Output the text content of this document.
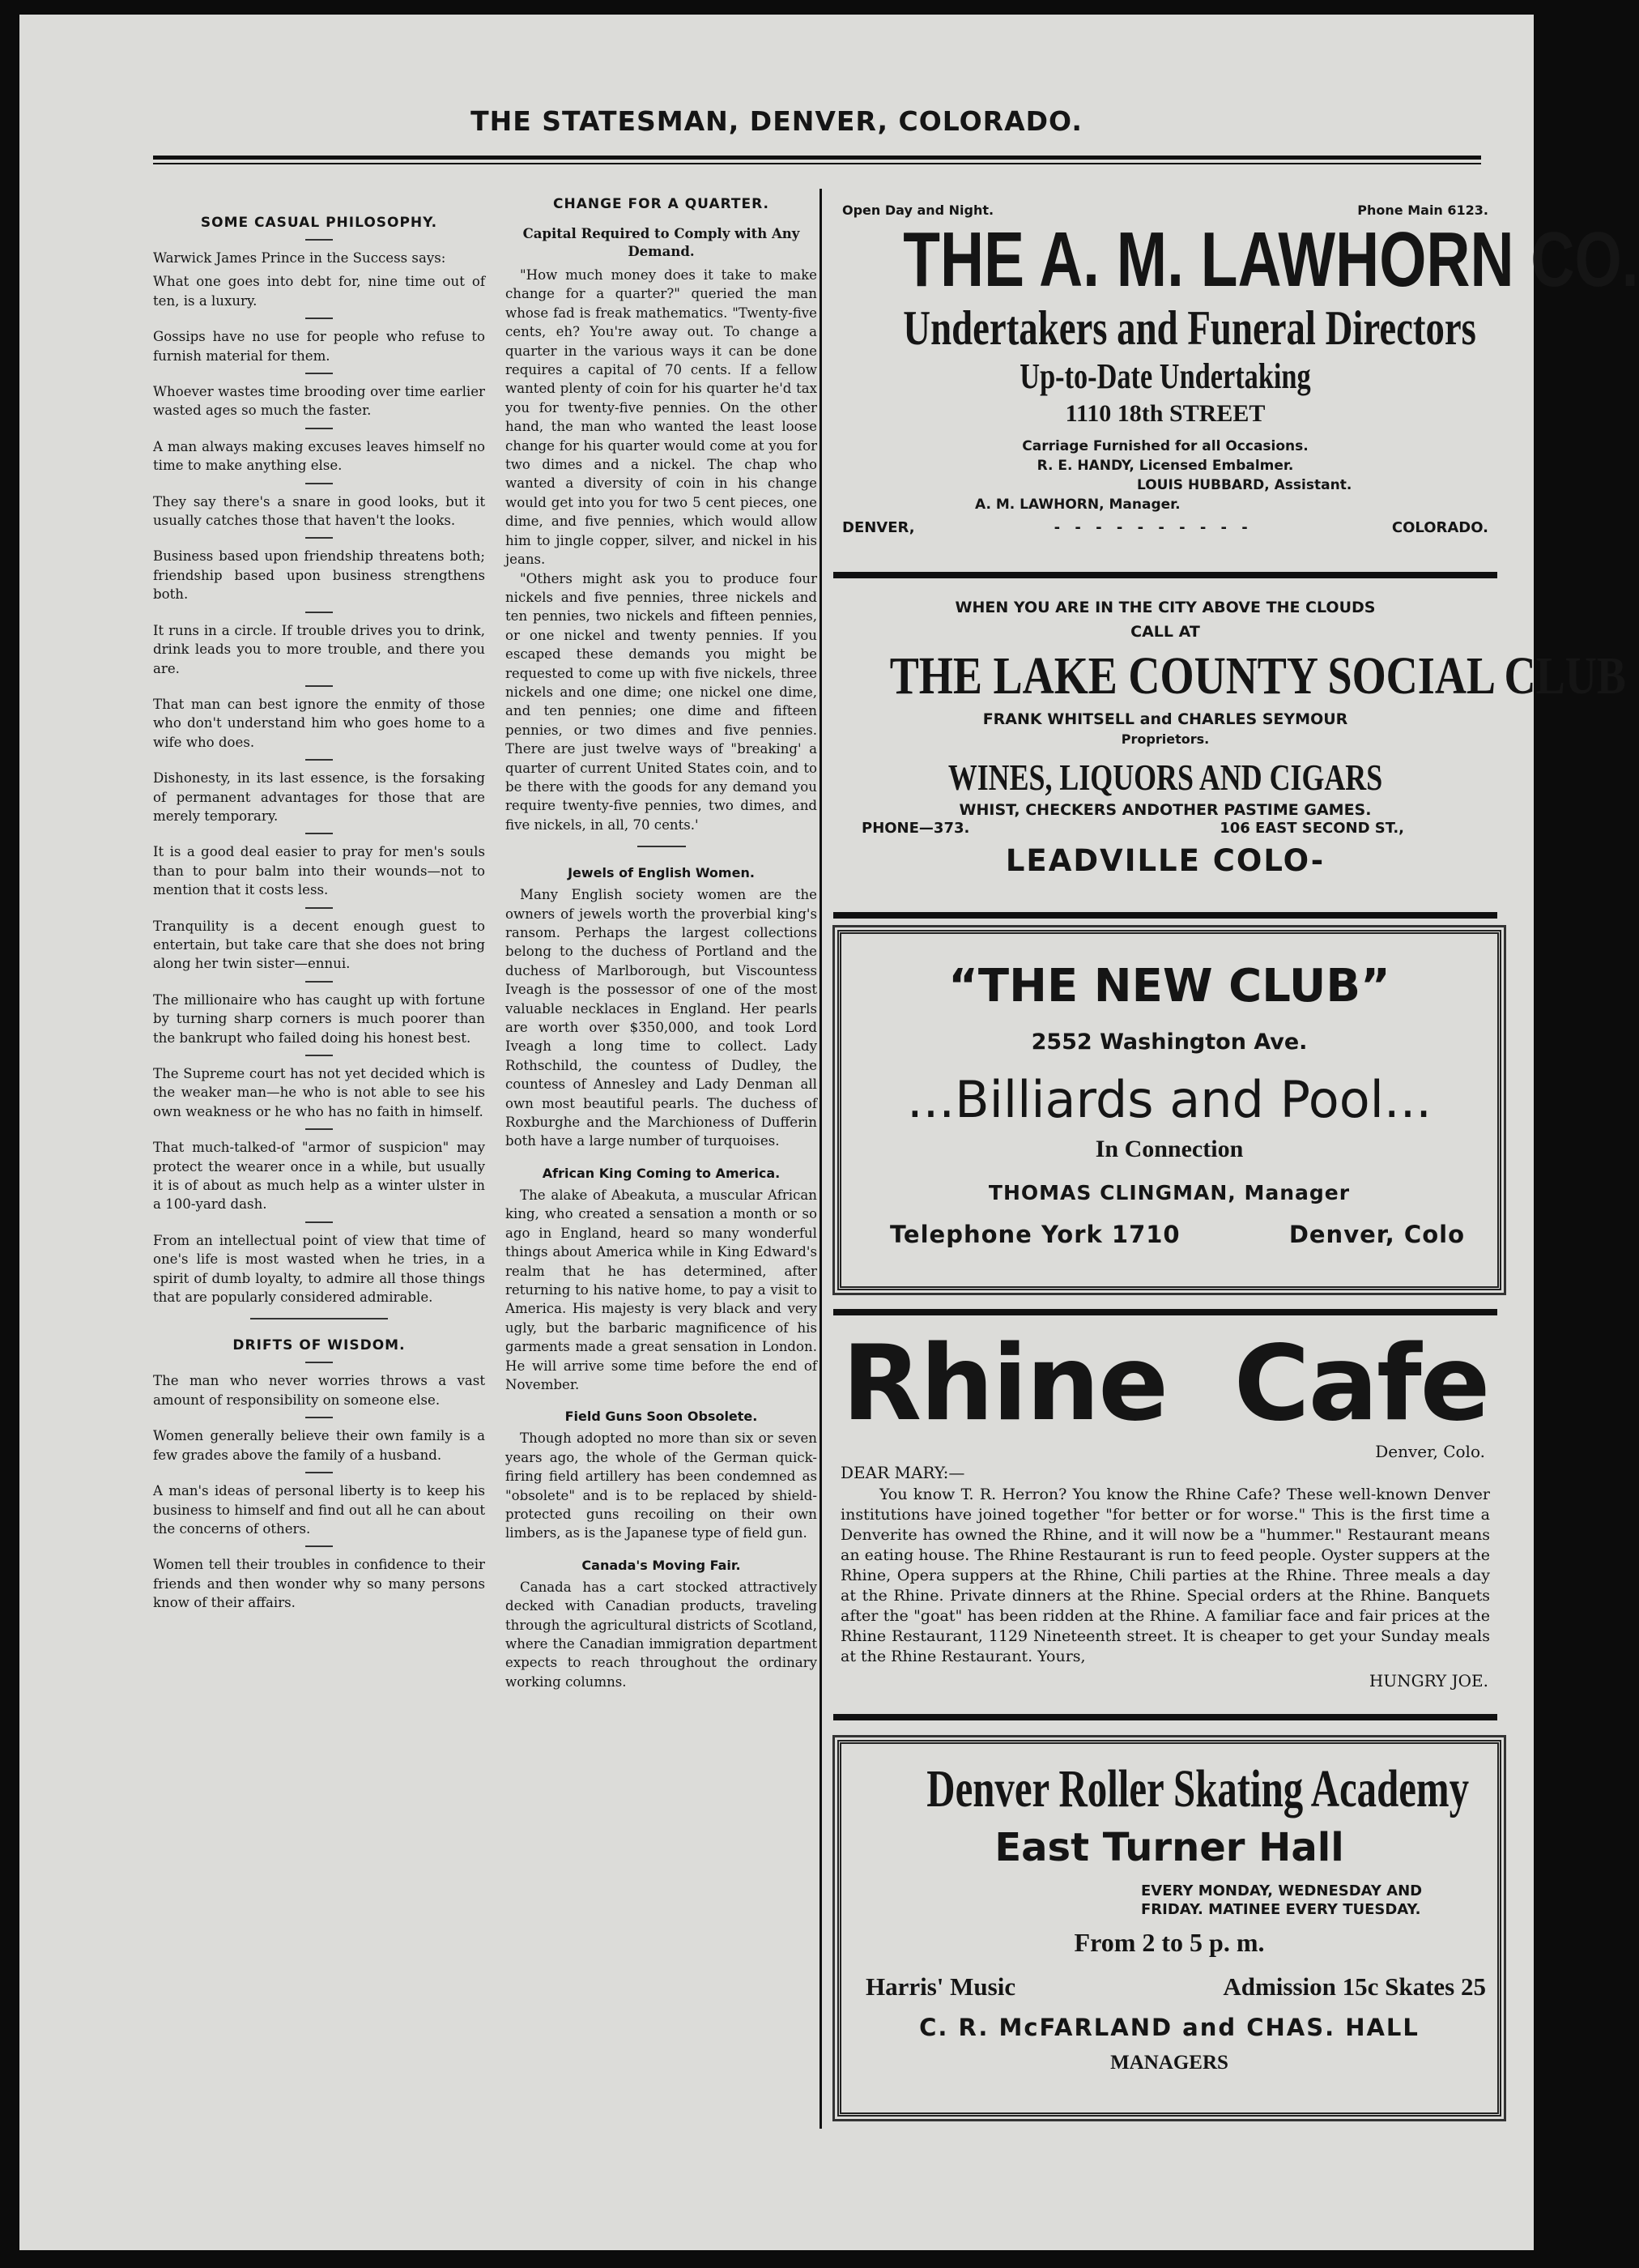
THE STATESMAN, DENVER, COLORADO.
SOME CASUAL PHILOSOPHY.

Warwick James Prince in the Success says:

What one goes into debt for, nine time out of ten, is a luxury.

Gossips have no use for people who refuse to furnish material for them.

Whoever wastes time brooding over time earlier wasted ages so much the faster.

A man always making excuses leaves himself no time to make anything else.

They say there's a snare in good looks, but it usually catches those that haven't the looks.

Business based upon friendship threatens both; friendship based upon business strengthens both.

It runs in a circle. If trouble drives you to drink, drink leads you to more trouble, and there you are.

That man can best ignore the enmity of those who don't understand him who goes home to a wife who does.

Dishonesty, in its last essence, is the forsaking of permanent advantages for those that are merely temporary.

It is a good deal easier to pray for men's souls than to pour balm into their wounds—not to mention that it costs less.

Tranquility is a decent enough guest to entertain, but take care that she does not bring along her twin sister—ennui.

The millionaire who has caught up with fortune by turning sharp corners is much poorer than the bankrupt who failed doing his honest best.

The Supreme court has not yet decided which is the weaker man—he who is not able to see his own weakness or he who has no faith in himself.

That much-talked-of "armor of suspicion" may protect the wearer once in a while, but usually it is of about as much help as a winter ulster in a 100-yard dash.

From an intellectual point of view that time of one's life is most wasted when he tries, in a spirit of dumb loyalty, to admire all those things that are popularly considered admirable.

DRIFTS OF WISDOM.

The man who never worries throws a vast amount of responsibility on someone else.

Women generally believe their own family is a few grades above the family of a husband.

A man's ideas of personal liberty is to keep his business to himself and find out all he can about the concerns of others.

Women tell their troubles in confidence to their friends and then wonder why so many persons know of their affairs.

CHANGE FOR A QUARTER.
Capital Required to Comply with Any Demand.

"How much money does it take to make change for a quarter?" queried the man whose fad is freak mathematics. "Twenty-five cents, eh? You're away out. To change a quarter in the various ways it can be done requires a capital of 70 cents. If a fellow wanted plenty of coin for his quarter he'd tax you for twenty-five pennies. On the other hand, the man who wanted the least loose change for his quarter would come at you for two dimes and a nickel. The chap who wanted a diversity of coin in his change would get into you for two 5 cent pieces, one dime, and five pennies, which would allow him to jingle copper, silver, and nickel in his jeans.

"Others might ask you to produce four nickels and five pennies, three nickels and ten pennies, two nickels and fifteen pennies, or one nickel and twenty pennies. If you escaped these demands you might be requested to come up with five nickels, three nickels and one dime; one nickel one dime, and ten pennies; one dime and fifteen pennies, or two dimes and five pennies. There are just twelve ways of "breaking' a quarter of current United States coin, and to be there with the goods for any demand you require twenty-five pennies, two dimes, and five nickels, in all, 70 cents.'

Jewels of English Women.

Many English society women are the owners of jewels worth the proverbial king's ransom. Perhaps the largest collections belong to the duchess of Portland and the duchess of Marlborough, but Viscountess Iveagh is the possessor of one of the most valuable necklaces in England. Her pearls are worth over $350,000, and took Lord Iveagh a long time to collect. Lady Rothschild, the countess of Dudley, the countess of Annesley and Lady Denman all own most beautiful pearls. The duchess of Roxburghe and the Marchioness of Dufferin both have a large number of turquoises.

African King Coming to America.

The alake of Abeakuta, a muscular African king, who created a sensation a month or so ago in England, heard so many wonderful things about America while in King Edward's realm that he has determined, after returning to his native home, to pay a visit to America. His majesty is very black and very ugly, but the barbaric magnificence of his garments made a great sensation in London. He will arrive some time before the end of November.

Field Guns Soon Obsolete.

Though adopted no more than six or seven years ago, the whole of the German quick-firing field artillery has been condemned as "obsolete" and is to be replaced by shield-protected guns recoiling on their own limbers, as is the Japanese type of field gun.

Canada's Moving Fair.

Canada has a cart stocked attractively decked with Canadian products, traveling through the agricultural districts of Scotland, where the Canadian immigration department expects to reach throughout the ordinary working columns.

Open Day and Night.	Phone Main 6123.
THE A. M. LAWHORN CO.
Undertakers and Funeral Directors
Up-to-Date Undertaking
1110 18th STREET
Carriage Furnished for all Occasions.
R. E. HANDY, Licensed Embalmer.
LOUIS HUBBARD, Assistant.
A. M. LAWHORN, Manager.
DENVER,	- - - - - - - - - -	COLORADO.
WHEN YOU ARE IN THE CITY ABOVE THE CLOUDS
CALL AT
THE LAKE COUNTY SOCIAL CLUB
FRANK WHITSELL and CHARLES SEYMOUR
Proprietors.
WINES, LIQUORS AND CIGARS
WHIST, CHECKERS ANDOTHER PASTIME GAMES.
PHONE—373.	106 EAST SECOND ST.,
LEADVILLE COLO-
“THE NEW CLUB”
2552 Washington Ave.
...Billiards and Pool...
In Connection
THOMAS CLINGMAN, Manager
Telephone York 1710	Denver, Colo
Rhine Cafe
Denver, Colo.
DEAR MARY:—

You know T. R. Herron? You know the Rhine Cafe? These well-known Denver institutions have joined together "for better or for worse." This is the first time a Denverite has owned the Rhine, and it will now be a "hummer." Restaurant means an eating house. The Rhine Restaurant is run to feed people. Oyster suppers at the Rhine, Opera suppers at the Rhine, Chili parties at the Rhine. Three meals a day at the Rhine. Private dinners at the Rhine. Special orders at the Rhine. Banquets after the "goat" has been ridden at the Rhine. A familiar face and fair prices at the Rhine Restaurant, 1129 Nineteenth street. It is cheaper to get your Sunday meals at the Rhine Restaurant. Yours,

HUNGRY JOE.
Denver Roller Skating Academy
East Turner Hall
EVERY MONDAY, WEDNESDAY AND FRIDAY. MATINEE EVERY TUESDAY.
From 2 to 5 p. m.
Harris' Music	Admission 15c Skates 25
C. R. McFARLAND and CHAS. HALL
MANAGERS
